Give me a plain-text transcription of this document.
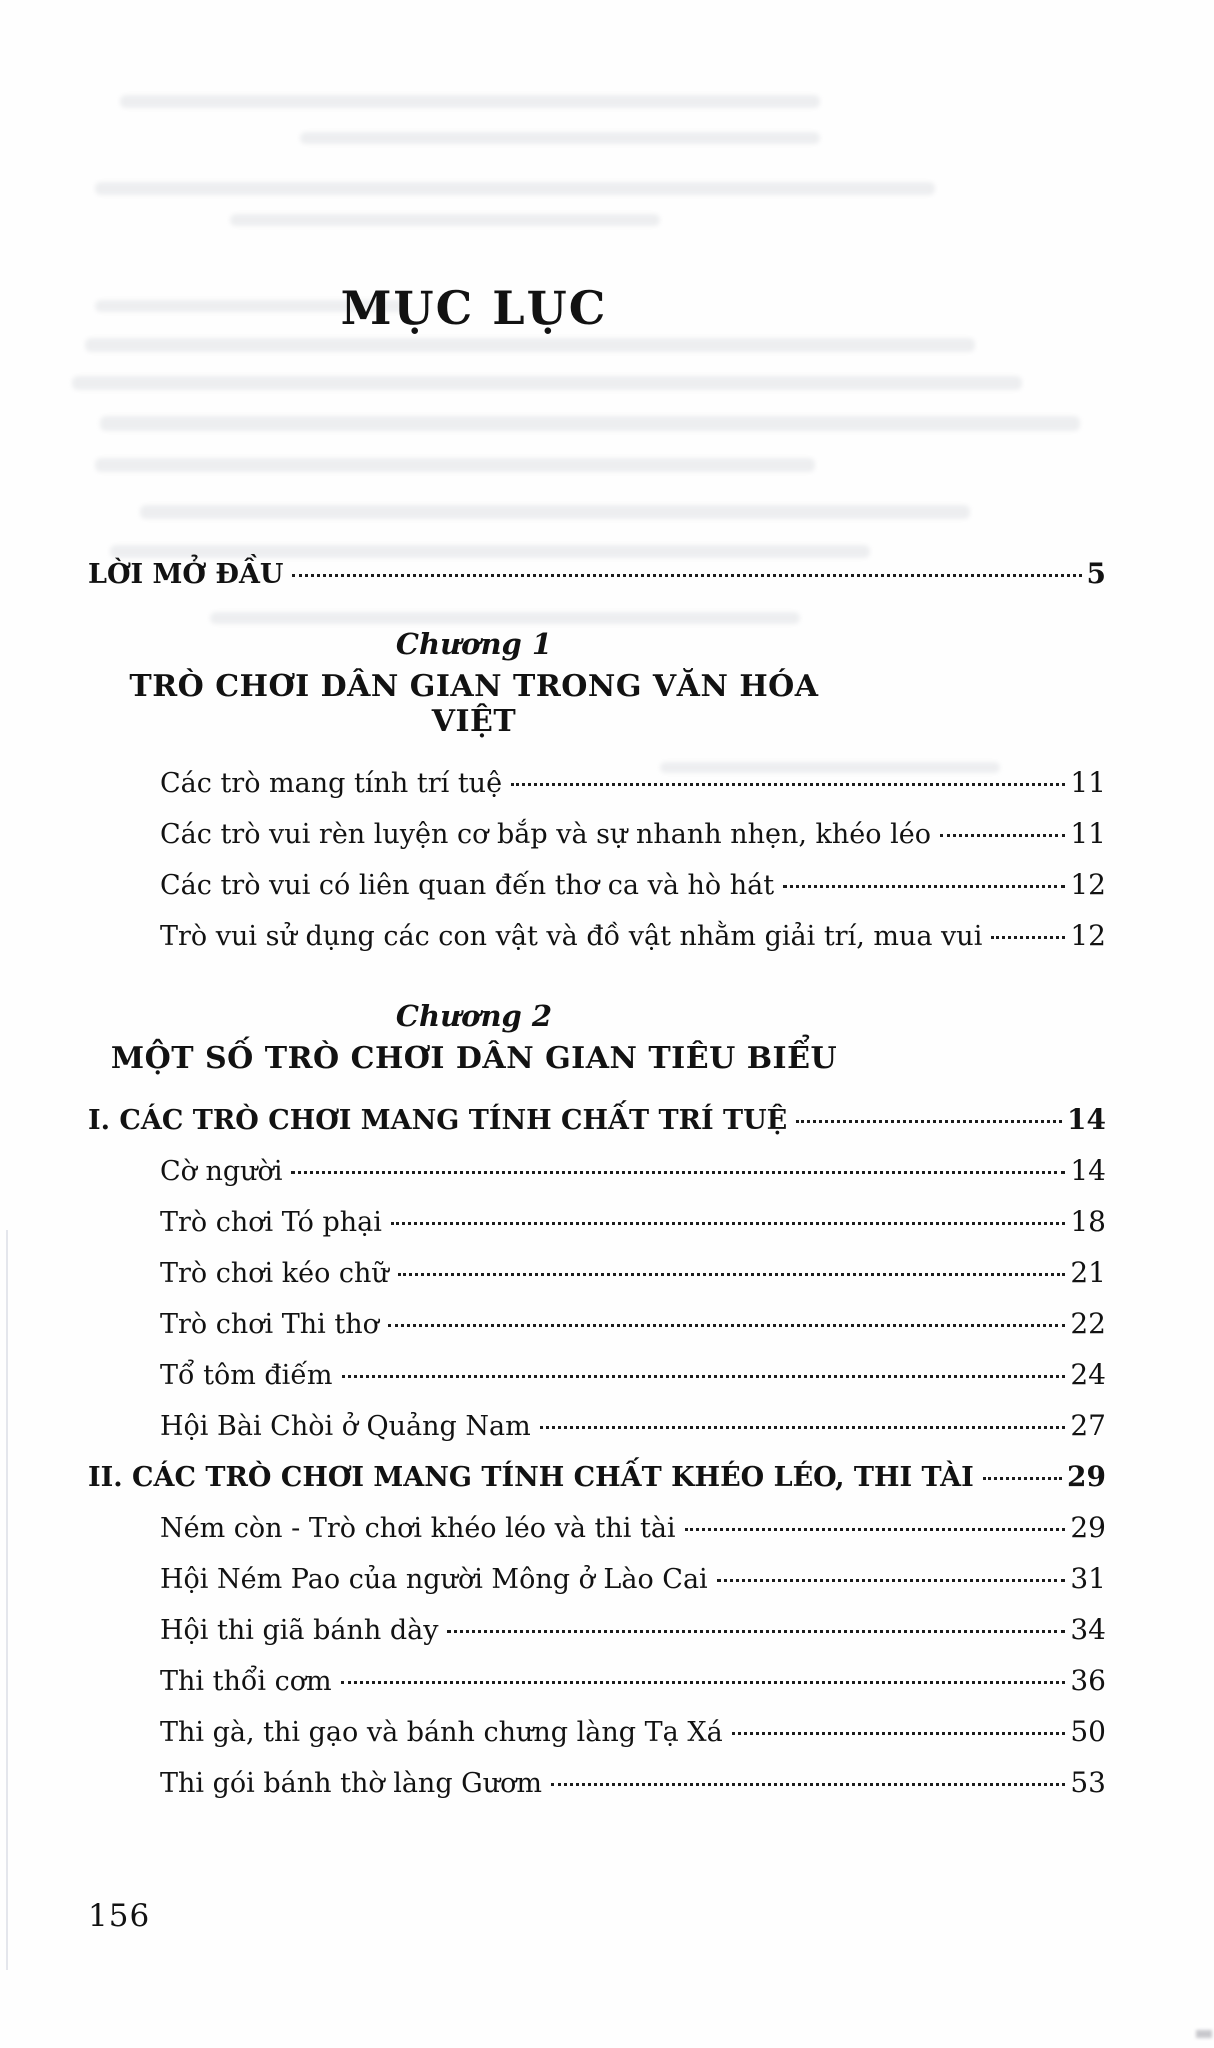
MỤC LỤC
LỜI MỞ ĐẦU	5
Chương 1
TRÒ CHƠI DÂN GIAN TRONG VĂN HÓA VIỆT
Các trò mang tính trí tuệ	11
Các trò vui rèn luyện cơ bắp và sự nhanh nhẹn, khéo léo	11
Các trò vui có liên quan đến thơ ca và hò hát	12
Trò vui sử dụng các con vật và đồ vật nhằm giải trí, mua vui	12
Chương 2
MỘT SỐ TRÒ CHƠI DÂN GIAN TIÊU BIỂU
I. CÁC TRÒ CHƠI MANG TÍNH CHẤT TRÍ TUỆ	14
Cờ người	14
Trò chơi Tó phại	18
Trò chơi kéo chữ	21
Trò chơi Thi thơ	22
Tổ tôm điếm	24
Hội Bài Chòi ở Quảng Nam	27
II. CÁC TRÒ CHƠI MANG TÍNH CHẤT KHÉO LÉO, THI TÀI	29
Ném còn - Trò chơi khéo léo và thi tài	29
Hội Ném Pao của người Mông ở Lào Cai	31
Hội thi giã bánh dày	34
Thi thổi cơm	36
Thi gà, thi gạo và bánh chưng làng Tạ Xá	50
Thi gói bánh thờ làng Gươm	53
156
